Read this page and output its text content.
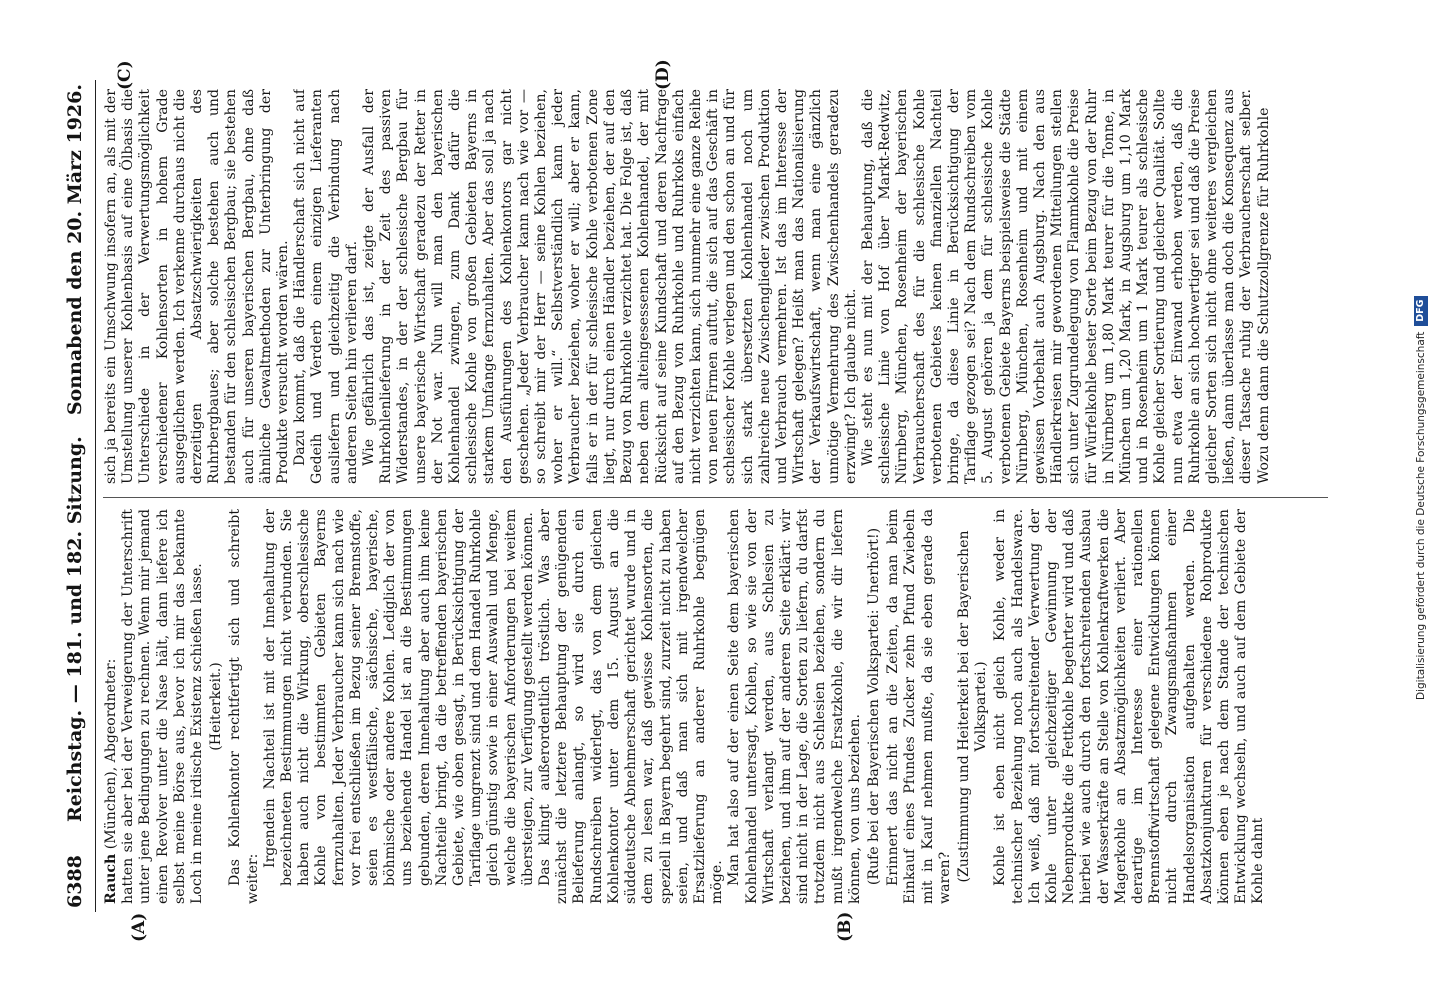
6388
Reichstag. — 181. und 182. Sitzung.
Sonnabend den 20. März 1926.
(A)	(B)
(C)	(D)

Rauch (München), Abgeordneter: hatten sie aber bei der Verweigerung der Unterschrift unter jene Bedingungen zu rechnen. Wenn mir jemand einen Revolver unter die Nase hält, dann liefere ich selbst meine Börse aus, bevor ich mir das bekannte Loch in meine irdische Existenz schießen lasse. (Heiterkeit.) Das Kohlenkontor rechtfertigt sich und schreibt weiter:

Irgendein Nachteil ist mit der Innehaltung der bezeichneten Bestimmungen nicht verbunden. Sie haben auch nicht die Wirkung, oberschlesische Kohle von bestimmten Gebieten Bayerns fernzuhalten. Jeder Verbraucher kann sich nach wie vor frei entschließen im Bezug seiner Brennstoffe, seien es westfälische, sächsische, bayerische, böhmische oder andere Kohlen. Lediglich der von uns beziehende Handel ist an die Bestimmungen gebunden, deren Innehaltung aber auch ihm keine Nachteile bringt, da die betreffenden bayerischen Gebiete, wie oben gesagt, in Berücksichtigung der Tariflage umgrenzt sind und dem Handel Ruhrkohle gleich günstig sowie in einer Auswahl und Menge, welche die bayerischen Anforderungen bei weitem übersteigen, zur Verfügung gestellt werden können. Das klingt außerordentlich tröstlich. Was aber zunächst die letztere Behauptung der genügenden Belieferung anlangt, so wird sie durch ein Rundschreiben widerlegt, das von dem gleichen Kohlenkontor unter dem 15. August an die süddeutsche Abnehmerschaft gerichtet wurde und in dem zu lesen war, daß gewisse Kohlensorten, die speziell in Bayern begehrt sind, zurzeit nicht zu haben seien, und daß man sich mit irgendwelcher Ersatzlieferung an anderer Ruhrkohle begnügen möge. Man hat also auf der einen Seite dem bayerischen Kohlenhandel untersagt, Kohlen, so wie sie von der Wirtschaft verlangt werden, aus Schlesien zu beziehen, und ihm auf der anderen Seite erklärt: wir sind nicht in der Lage, die Sorten zu liefern, du darfst trotzdem nicht aus Schlesien beziehen, sondern du mußt irgendwelche Ersatzkohle, die wir dir liefern können, von uns beziehen. (Rufe bei der Bayerischen Volkspartei: Unerhört!) Erinnert das nicht an die Zeiten, da man beim Einkauf eines Pfundes Zucker zehn Pfund Zwiebeln mit in Kauf nehmen mußte, da sie eben gerade da waren? (Zustimmung und Heiterkeit bei der Bayerischen Volkspartei.) Kohle ist eben nicht gleich Kohle, weder in technischer Beziehung noch auch als Handelsware. Ich weiß, daß mit fortschreitender Verwertung der Kohle unter gleichzeitiger Gewinnung der Nebenprodukte die Fettkohle begehrter wird und daß hierbei wie auch durch den fortschreitenden Ausbau der Wasserkräfte an Stelle von Kohlenkraftwerken die Magerkohle an Absatzmöglichkeiten verliert. Aber derartige im Interesse einer rationellen Brennstoffwirtschaft gelegene Entwicklungen können nicht durch Zwangsmaßnahmen einer Handelsorganisation aufgehalten werden. Die Absatzkonjunkturen für verschiedene Rohprodukte können eben je nach dem Stande der technischen Entwicklung wechseln, und auch auf dem Gebiete der Kohle dahnt

sich ja bereits ein Umschwung insofern an, als mit der Umstellung unserer Kohlenbasis auf eine Ölbasis die Unterschiede in der Verwertungsmöglichkeit verschiedener Kohlensorten in hohem Grade ausgeglichen werden. Ich verkenne durchaus nicht die derzeitigen Absatzschwierigkeiten des Ruhrbergbaues; aber solche bestehen auch und bestanden für den schlesischen Bergbau; sie bestehen auch für unseren bayerischen Bergbau, ohne daß ähnliche Gewaltmethoden zur Unterbringung der Produkte versucht worden wären. Dazu kommt, daß die Händlerschaft sich nicht auf Gedeih und Verderb einem einzigen Lieferanten ausliefern und gleichzeitig die Verbindung nach anderen Seiten hin verlieren darf. Wie gefährlich das ist, zeigte der Ausfall der Ruhrkohlenlieferung in der Zeit des passiven Widerstandes, in der der schlesische Bergbau für unsere bayerische Wirtschaft geradezu der Retter in der Not war. Nun will man den bayerischen Kohlenhandel zwingen, zum Dank dafür die schlesische Kohle von großen Gebieten Bayerns in starkem Umfange fernzuhalten. Aber das soll ja nach den Ausführungen des Kohlenkontors gar nicht geschehen. „Jeder Verbraucher kann nach wie vor — so schreibt mir der Herr — seine Kohlen beziehen, woher er will.“ Selbstverständlich kann jeder Verbraucher beziehen, woher er will; aber er kann, falls er in der für schlesische Kohle verbotenen Zone liegt, nur durch einen Händler beziehen, der auf den Bezug von Ruhrkohle verzichtet hat. Die Folge ist, daß neben dem alteingesessenen Kohlenhandel, der mit Rücksicht auf seine Kundschaft und deren Nachfrage auf den Bezug von Ruhrkohle und Ruhrkoks einfach nicht verzichten kann, sich nunmehr eine ganze Reihe von neuen Firmen auftut, die sich auf das Geschäft in schlesischer Kohle verlegen und den schon an und für sich stark übersetzten Kohlenhandel noch um zahlreiche neue Zwischenglieder zwischen Produktion und Verbrauch vermehren. Ist das im Interesse der Wirtschaft gelegen? Heißt man das Nationalisierung der Verkaufswirtschaft, wenn man eine gänzlich unnötige Vermehrung des Zwischenhandels geradezu erzwingt? Ich glaube nicht. Wie steht es nun mit der Behauptung, daß die schlesische Linie von Hof über Markt-Redwitz, Nürnberg, München, Rosenheim der bayerischen Verbraucherschaft des für die schlesische Kohle verbotenen Gebietes keinen finanziellen Nachteil bringe, da diese Linie in Berücksichtigung der Tariflage gezogen sei? Nach dem Rundschreiben vom 5. August gehören ja dem für schlesische Kohle verbotenen Gebiete Bayerns beispielsweise die Städte Nürnberg, München, Rosenheim und mit einem gewissen Vorbehalt auch Augsburg. Nach den aus Händlerkreisen mir gewordenen Mitteilungen stellen sich unter Zugrundelegung von Flammkohle die Preise für Würfelkohle bester Sorte beim Bezug von der Ruhr in Nürnberg um 1,80 Mark teurer für die Tonne, in München um 1,20 Mark, in Augsburg um 1,10 Mark und in Rosenheim um 1 Mark teurer als schlesische Kohle gleicher Sortierung und gleicher Qualität. Sollte nun etwa der Einwand erhoben werden, daß die Ruhrkohle an sich hochwertiger sei und daß die Preise gleicher Sorten sich nicht ohne weiteres vergleichen ließen, dann überlasse man doch die Konsequenz aus dieser Tatsache ruhig der Verbraucherschaft selber. Wozu denn dann die Schutzzollgrenze für Ruhrkohle

Digitalisierung gefördert durch die Deutsche ForschungsgemeinschaftDFG
